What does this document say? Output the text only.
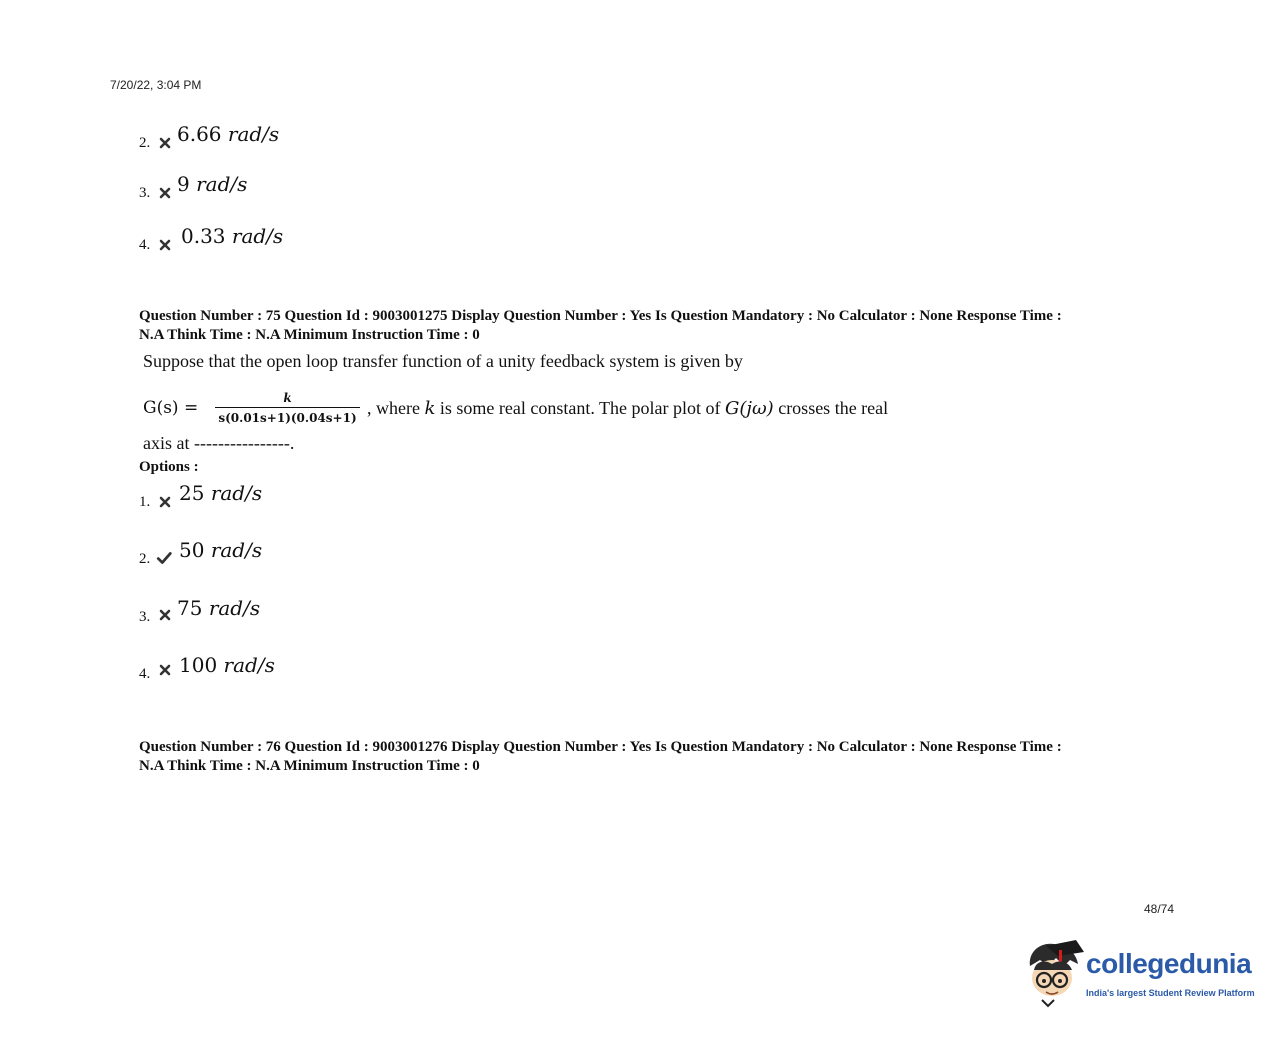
7/20/22, 3:04 PM
2. 6.66 rad/s
3. 9 rad/s
4. 0.33 rad/s
Question Number : 75 Question Id : 9003001275 Display Question Number : Yes Is Question Mandatory : No Calculator : None Response Time :
N.A Think Time : N.A Minimum Instruction Time : 0
Suppose that the open loop transfer function of a unity feedback system is given by
G(s) =	k
s(0.01s+1)(0.04s+1) , where k is some real constant. The polar plot of G(jω) crosses the real
axis at ----------------.
Options :
1. 25 rad/s
2. 50 rad/s
3. 75 rad/s
4. 100 rad/s
Question Number : 76 Question Id : 9003001276 Display Question Number : Yes Is Question Mandatory : No Calculator : None Response Time :
N.A Think Time : N.A Minimum Instruction Time : 0
48/74
collegedunia
India's largest Student Review Platform
